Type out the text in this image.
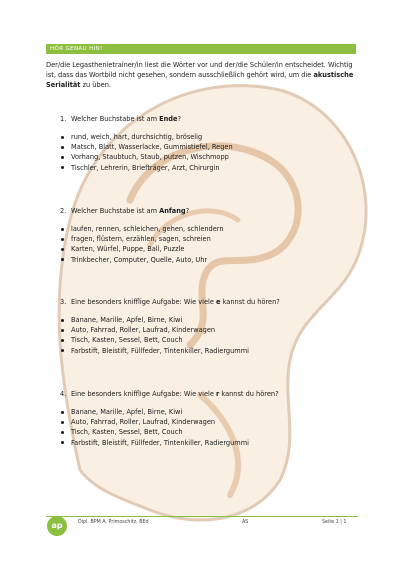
HÖR GENAU HIN!
Der/die Legasthenietrainer/in liest die Wörter vor und der/die Schüler/in entscheidet. Wichtig ist, dass das Wortbild nicht gesehen, sondern ausschließlich gehört wird, um die akustische Serialität zu üben.
1. Welcher Buchstabe ist am Ende?
rund, weich, hart, durchsichtig, bröselig
Matsch, Blatt, Wasserlacke, Gummistiefel, Regen
Vorhang, Staubtuch, Staub, putzen, Wischmopp
Tischler, Lehrerin, Briefträger, Arzt, Chirurgin
2. Welcher Buchstabe ist am Anfang?
laufen, rennen, schleichen, gehen, schlendern
fragen, flüstern, erzählen, sagen, schreien
Karten, Würfel, Puppe, Ball, Puzzle
Trinkbecher, Computer, Quelle, Auto, Uhr
3. Eine besonders knifflige Aufgabe: Wie viele e kannst du hören?
Banane, Marille, Apfel, Birne, Kiwi
Auto, Fahrrad, Roller, Laufrad, Kinderwagen
Tisch, Kasten, Sessel, Bett, Couch
Farbstift, Bleistift, Füllfeder, Tintenkiller, Radiergummi
4. Eine besonders knifflige Aufgabe: Wie viele r kannst du hören?
Banane, Marille, Apfel, Birne, Kiwi
Auto, Fahrrad, Roller, Laufrad, Kinderwagen
Tisch, Kasten, Sessel, Bett, Couch
Farbstift, Bleistift, Füllfeder, Tintenkiller, Radiergummi
ap	Dipl. BPM A. Primoschitz, BEd	AS	Seite 1 | 1
